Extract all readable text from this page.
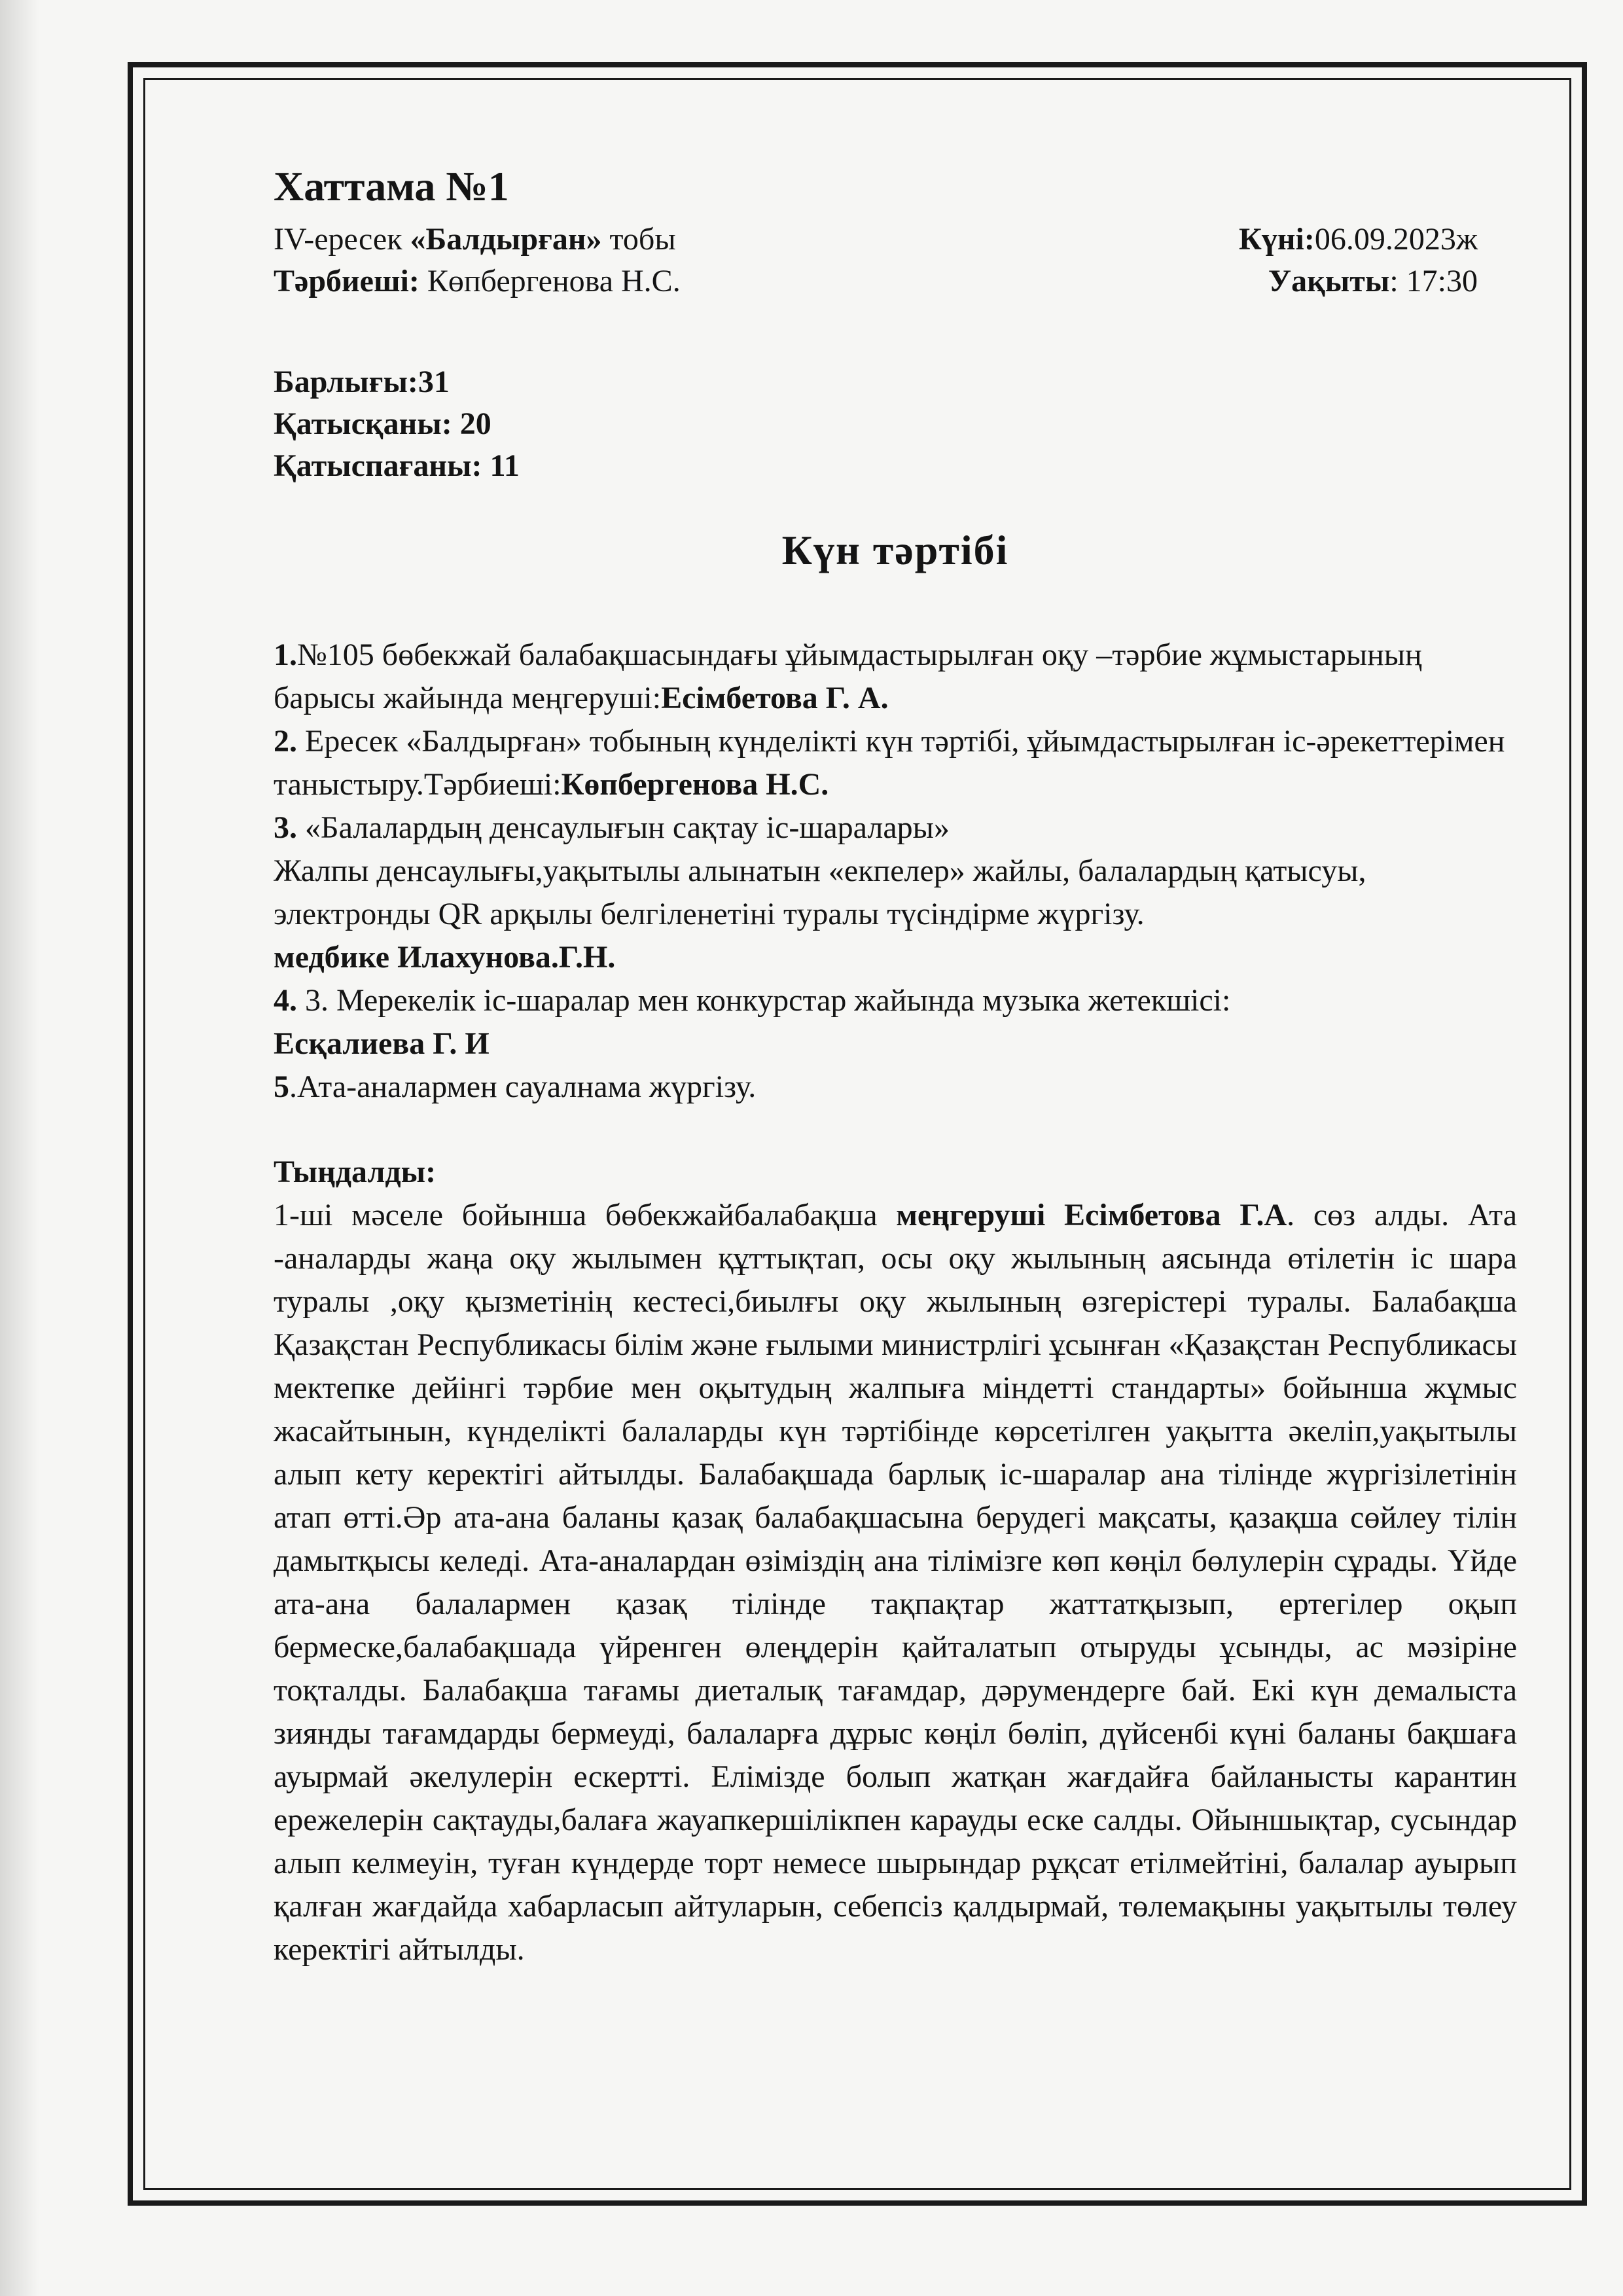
Хаттама №1
IV-ересек «Балдырған» тобы	Күні:06.09.2023ж
Тәрбиеші: Көпбергенова Н.С.	Уақыты: 17:30
Барлығы:31
Қатысқаны: 20
Қатыспағаны: 11
Күн тәртібі

1.№105 бөбекжай балабақшасындағы ұйымдастырылған оқу –тәрбие жұмыстарының барысы жайында меңгеруші:Есімбетова Г. А.

2. Ересек «Балдырған» тобының күнделікті күн тәртібі, ұйымдастырылған іс-әрекеттерімен таныстыру.Тәрбиеші:Көпбергенова Н.С.

3. «Балалардың денсаулығын сақтау іс-шаралары»

Жалпы денсаулығы,уақытылы алынатын «екпелер» жайлы, балалардың қатысуы, электронды QR арқылы белгіленетіні туралы түсіндірме жүргізу.

медбике Илахунова.Г.Н.

4. 3. Мерекелік іс-шаралар мен конкурстар жайында музыка жетекшісі:

Есқалиева Г. И

5.Ата-аналармен сауалнама жүргізу.

Тыңдалды:

1-ші мәселе бойынша бөбекжайбалабақша меңгеруші Есімбетова Г.А. сөз алды. Ата -аналарды жаңа оқу жылымен құттықтап, осы оқу жылының аясында өтілетін іс шара туралы ,оқу қызметінің кестесі,биылғы оқу жылының өзгерістері туралы. Балабақша Қазақстан Республикасы білім және ғылыми министрлігі ұсынған «Қазақстан Республикасы мектепке дейінгі тәрбие мен оқытудың жалпыға міндетті стандарты» бойынша жұмыс жасайтынын, күнделікті балаларды күн тәртібінде көрсетілген уақытта әкеліп,уақытылы алып кету керектігі айтылды. Балабақшада барлық іс-шаралар ана тілінде жүргізілетінін атап өтті.Әр ата-ана баланы қазақ балабақшасына берудегі мақсаты, қазақша сөйлеу тілін дамытқысы келеді. Ата-аналардан өзіміздің ана тілімізге көп көңіл бөлулерін сұрады. Үйде ата-ана балалармен қазақ тілінде тақпақтар жаттатқызып, ертегілер оқып бермеске,балабақшада үйренген өлеңдерін қайталатып отыруды ұсынды, ас мәзіріне тоқталды. Балабақша тағамы диеталық тағамдар, дәрумендерге бай. Екі күн демалыста зиянды тағамдарды бермеуді, балаларға дұрыс көңіл бөліп, дүйсенбі күні баланы бақшаға ауырмай әкелулерін ескертті. Елімізде болып жатқан жағдайға байланысты карантин ережелерін сақтауды,балаға жауапкершілікпен карауды еске салды. Ойыншықтар, сусындар алып келмеуін, туған күндерде торт немесе шырындар рұқсат етілмейтіні, балалар ауырып қалған жағдайда хабарласып айтуларын, себепсіз қалдырмай, төлемақыны уақытылы төлеу керектігі айтылды.
